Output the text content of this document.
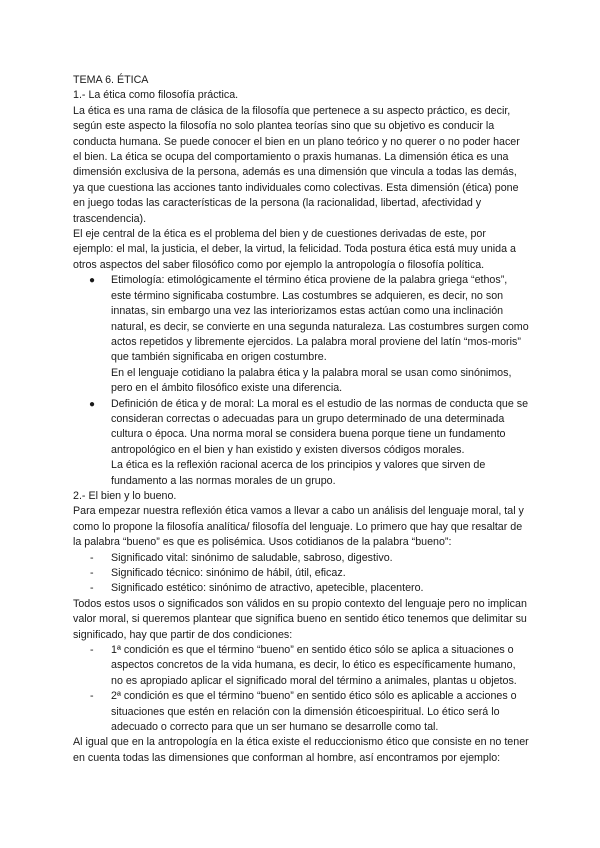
TEMA 6. ÉTICA

1.- La ética como filosofía práctica.

La ética es una rama de clásica de la filosofía que pertenece a su aspecto práctico, es decir, según este aspecto la filosofía no solo plantea teorías sino que su objetivo es conducir la conducta humana. Se puede conocer el bien en un plano teórico y no querer o no poder hacer el bien. La ética se ocupa del comportamiento o praxis humanas. La dimensión ética es una dimensión exclusiva de la persona, además es una dimensión que vincula a todas las demás, ya que cuestiona las acciones tanto individuales como colectivas. Esta dimensión (ética) pone en juego todas las características de la persona (la racionalidad, libertad, afectividad y trascendencia).

El eje central de la ética es el problema del bien y de cuestiones derivadas de este, por ejemplo: el mal, la justicia, el deber, la virtud, la felicidad. Toda postura ética está muy unida a otros aspectos del saber filosófico como por ejemplo la antropología o filosofía política.

● Etimología: etimológicamente el término ética proviene de la palabra griega “ethos”, este término significaba costumbre. Las costumbres se adquieren, es decir, no son innatas, sin embargo una vez las interiorizamos estas actúan como una inclinación natural, es decir, se convierte en una segunda naturaleza. Las costumbres surgen como actos repetidos y libremente ejercidos. La palabra moral proviene del latín “mos-moris” que también significaba en origen costumbre.

En el lenguaje cotidiano la palabra ética y la palabra moral se usan como sinónimos, pero en el ámbito filosófico existe una diferencia.

● Definición de ética y de moral: La moral es el estudio de las normas de conducta que se consideran correctas o adecuadas para un grupo determinado de una determinada cultura o época. Una norma moral se considera buena porque tiene un fundamento antropológico en el bien y han existido y existen diversos códigos morales.

La ética es la reflexión racional acerca de los principios y valores que sirven de fundamento a las normas morales de un grupo.

2.- El bien y lo bueno.

Para empezar nuestra reflexión ética vamos a llevar a cabo un análisis del lenguaje moral, tal y como lo propone la filosofía analítica/ filosofía del lenguaje. Lo primero que hay que resaltar de la palabra “bueno” es que es polisémica. Usos cotidianos de la palabra “bueno”:

- Significado vital: sinónimo de saludable, sabroso, digestivo.

- Significado técnico: sinónimo de hábil, útil, eficaz.

- Significado estético: sinónimo de atractivo, apetecible, placentero.

Todos estos usos o significados son válidos en su propio contexto del lenguaje pero no implican valor moral, si queremos plantear que significa bueno en sentido ético tenemos que delimitar su significado, hay que partir de dos condiciones:

- 1ª condición es que el término “bueno” en sentido ético sólo se aplica a situaciones o aspectos concretos de la vida humana, es decir, lo ético es específicamente humano, no es apropiado aplicar el significado moral del término a animales, plantas u objetos.

- 2ª condición es que el término “bueno” en sentido ético sólo es aplicable a acciones o situaciones que estén en relación con la dimensión éticoespiritual. Lo ético será lo adecuado o correcto para que un ser humano se desarrolle como tal.

Al igual que en la antropología en la ética existe el reduccionismo ético que consiste en no tener en cuenta todas las dimensiones que conforman al hombre, así encontramos por ejemplo:
